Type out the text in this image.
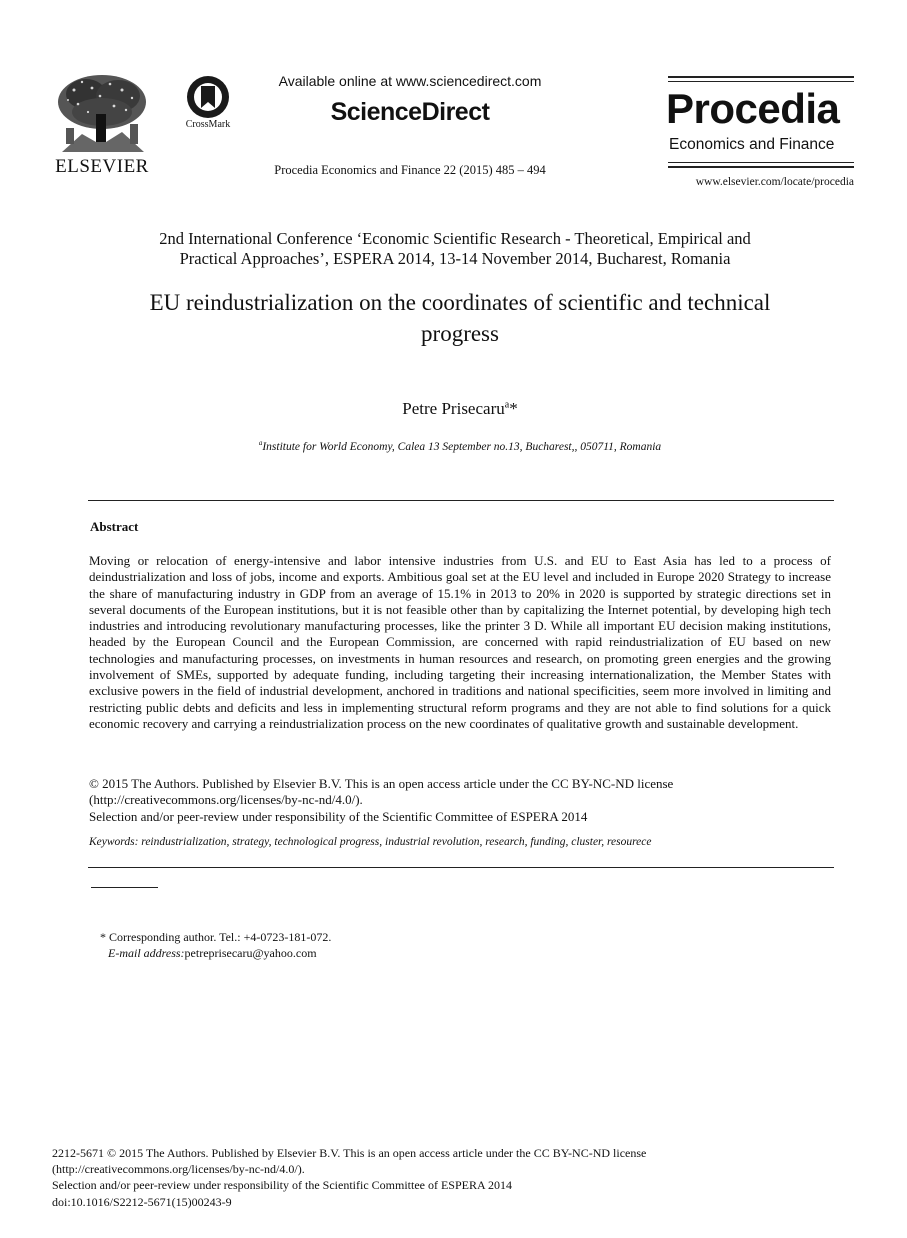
ELSEVIER
CrossMark
Available online at www.sciencedirect.com
ScienceDirect
Procedia Economics and Finance 22 (2015) 485 – 494
Procedia
Economics and Finance
www.elsevier.com/locate/procedia
2nd International Conference ‘Economic Scientific Research - Theoretical, Empirical and
Practical Approaches’, ESPERA 2014, 13-14 November 2014, Bucharest, Romania
EU reindustrialization on the coordinates of scientific and technical
progress
Petre Prisecaru$^a$*
$^a$Institute for World Economy, Calea 13 September no.13, Bucharest,, 050711, Romania
Abstract
Moving or relocation of energy-intensive and labor intensive industries from U.S. and EU to East Asia has led to a process of deindustrialization and loss of jobs, income and exports. Ambitious goal set at the EU level and included in Europe 2020 Strategy to increase the share of manufacturing industry in GDP from an average of 15.1% in 2013 to 20% in 2020 is supported by strategic directions set in several documents of the European institutions, but it is not feasible other than by capitalizing the Internet potential, by developing high tech industries and introducing revolutionary manufacturing processes, like the printer 3 D. While all important EU decision making institutions, headed by the European Council and the European Commission, are concerned with rapid reindustrialization of EU based on new technologies and manufacturing processes, on investments in human resources and research, on promoting green energies and the growing involvement of SMEs, supported by adequate funding, including targeting their increasing internationalization, the Member States with exclusive powers in the field of industrial development, anchored in traditions and national specificities, seem more involved in limiting and restricting public debts and deficits and less in implementing structural reform programs and they are not able to find solutions for a quick economic recovery and carrying a reindustrialization process on the new coordinates of qualitative growth and sustainable development.

© 2015 The Authors. Published by Elsevier B.V. This is an open access article under the CC BY-NC-ND license

(http://creativecommons.org/licenses/by-nc-nd/4.0/).

Selection and/or peer-review under responsibility of the Scientific Committee of ESPERA 2014

Keywords: reindustrialization, strategy, technological progress, industrial revolution, research, funding, cluster, resourece

* Corresponding author. Tel.: +4-0723-181-072.

E-mail address:petreprisecaru@yahoo.com

2212-5671 © 2015 The Authors. Published by Elsevier B.V. This is an open access article under the CC BY-NC-ND license

(http://creativecommons.org/licenses/by-nc-nd/4.0/).

Selection and/or peer-review under responsibility of the Scientific Committee of ESPERA 2014

doi:10.1016/S2212-5671(15)00243-9
